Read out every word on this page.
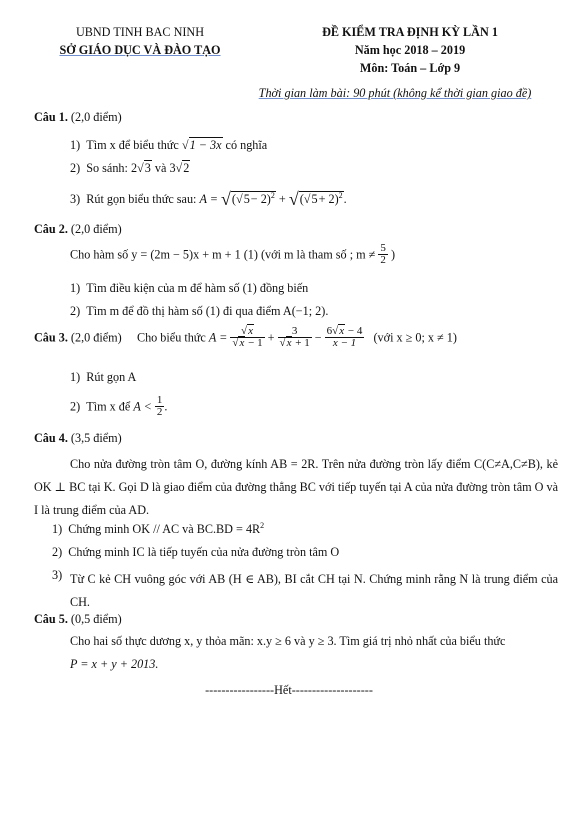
UBND TINH BAC NINH
SỞ GIÁO DỤC VÀ ĐÀO TẠO
ĐỀ KIỂM TRA ĐỊNH KỲ LẦN 1
Năm học 2018 – 2019
Môn: Toán – Lớp 9
Thời gian làm bài: 90 phút (không kể thời gian giao đề)
Câu 1. (2,0 điểm)
1) Tìm x để biểu thức √1 − 3x có nghĩa
2) So sánh: 2√3 và 3√2
3) Rút gọn biểu thức sau: $A = √(√5- 2)^2 + √(√5+ 2)^2$.
Câu 2. (2,0 điểm)
Cho hàm số y = (2m − 5)x + m + 1 (1) (với m là tham số ; $m \ne \frac{5}{2}$ )
1) Tìm điều kiện của m để hàm số (1) đồng biến
2) Tìm m để đồ thị hàm số (1) đi qua điểm A(−1; 2).
Câu 3. (2,0 điểm) Cho biểu thức $A = \frac{√x}{√x - 1} + \frac{3}{√x + 1} - \frac{6√x - 4}{x - 1}$ (với x ≥ 0; x ≠ 1)
1) Rút gọn A
2) Tìm x để $A < \frac{1}{2}$ .
Câu 4. (3,5 điểm)
Cho nửa đường tròn tâm O, đường kính AB = 2R. Trên nửa đường tròn lấy điểm C(C≠A,C≠B), kẻ OK ⊥ BC tại K. Gọi D là giao điểm của đường thẳng BC với tiếp tuyến tại A của nửa đường tròn tâm O và I là trung điểm của AD.
1) Chứng minh OK // AC và $BC.BD = 4R^2$
2) Chứng minh IC là tiếp tuyến của nửa đường tròn tâm O
3) Từ C kẻ CH vuông góc với AB (H ∈ AB), BI cắt CH tại N. Chứng minh rằng N là trung điểm của CH.
Câu 5. (0,5 điểm)
Cho hai số thực dương x, y thỏa mãn: x.y ≥ 6 và y ≥ 3. Tìm giá trị nhỏ nhất của biểu thức
P = x + y + 2013.
-----------------Hết--------------------
